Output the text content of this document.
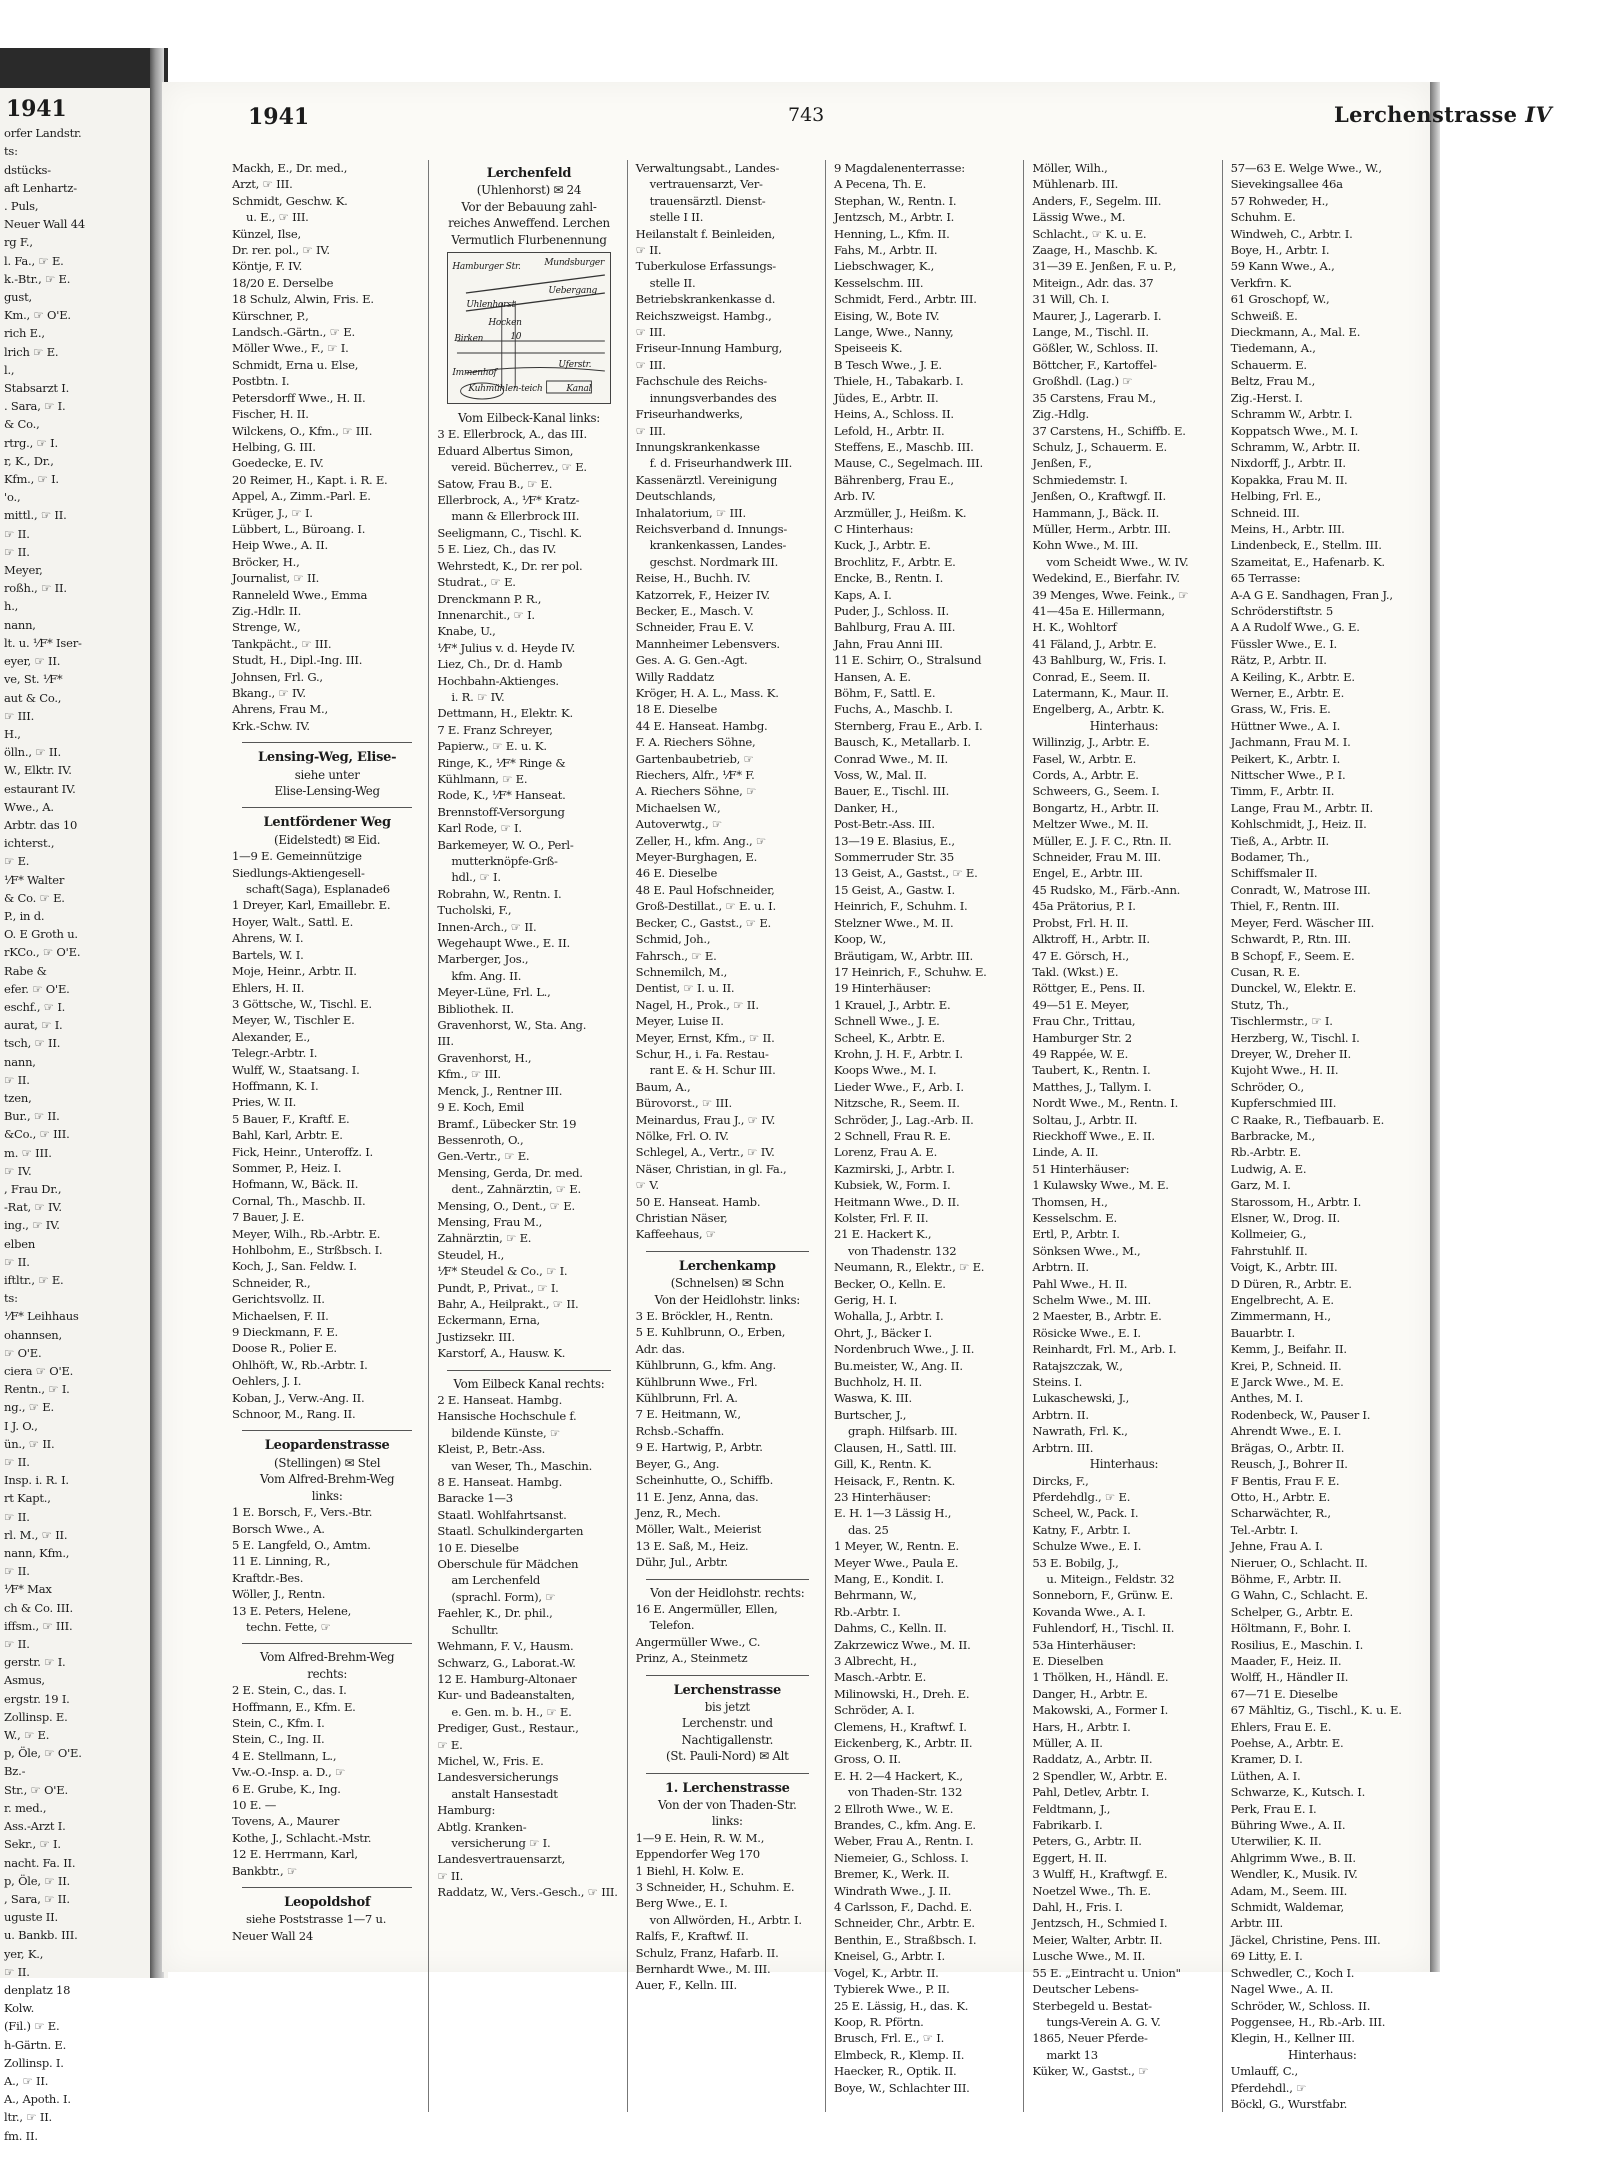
1941
orfer Landstr.
ts:
dstücks-
aft Lenhartz-
. Puls,
Neuer Wall 44
rg F.,
l. Fa., ☞ E.
k.-Btr., ☞ E.
gust,
Km., ☞ O'E.
rich E.,
lrich ☞ E.
l.,
Stabsarzt I.
. Sara, ☞ I.
& Co.,
rtrg., ☞ I.
r, K., Dr.,
Kfm., ☞ I.
'o.,
mittl., ☞ II.
☞ II.
☞ II.
Meyer,
roßh., ☞ II.
h.,
nann,
lt. u. ⅟F* Iser-
eyer, ☞ II.
ve, St. ⅟F*
aut & Co.,
☞ III.
H.,
ölln., ☞ II.
W., Elktr. IV.
estaurant IV.
Wwe., A.
Arbtr. das 10
ichterst.,
☞ E.
⅟F* Walter
& Co. ☞ E.
P., in d.
O. E Groth u.
rKCo., ☞ O'E.
Rabe &
efer. ☞ O'E.
eschf., ☞ I.
aurat, ☞ I.
tsch, ☞ II.
nann,
☞ II.
tzen,
Bur., ☞ II.
&Co., ☞ III.
m. ☞ III.
☞ IV.
, Frau Dr.,
-Rat, ☞ IV.
ing., ☞ IV.
elben
☞ II.
iftltr., ☞ E.
ts:
⅟F* Leihhaus
ohannsen,
☞ O'E.
ciera ☞ O'E.
Rentn., ☞ I.
ng., ☞ E.
I J. O.,
ün., ☞ II.
☞ II.
Insp. i. R. I.
rt Kapt.,
☞ II.
rl. M., ☞ II.
nann, Kfm.,
☞ II.
⅟F* Max
ch & Co. III.
iffsm., ☞ III.
☞ II.
gerstr. ☞ I.
Asmus,
ergstr. 19 I.
Zollinsp. E.
W., ☞ E.
p, Öle, ☞ O'E.
Bz.-
Str., ☞ O'E.
r. med.,
Ass.-Arzt I.
Sekr., ☞ I.
nacht. Fa. II.
p, Öle, ☞ II.
, Sara, ☞ II.
uguste II.
u. Bankb. III.
yer, K.,
☞ II.
denplatz 18
Kolw.
(Fil.) ☞ E.
h-Gärtn. E.
Zollinsp. I.
A., ☞ II.
A., Apoth. I.
ltr., ☞ II.
fm. II.
1941	743	Lerchenstrasse IV
Mackh, E., Dr. med.,
Arzt, ☞ III.
Schmidt, Geschw. K.
u. E., ☞ III.
Künzel, Ilse,
Dr. rer. pol., ☞ IV.
Köntje, F. IV.
18/20 E. Derselbe
18 Schulz, Alwin, Fris. E.
Kürschner, P.,
Landsch.-Gärtn., ☞ E.
Möller Wwe., F., ☞ I.
Schmidt, Erna u. Else,
Postbtn. I.
Petersdorff Wwe., H. II.
Fischer, H. II.
Wilckens, O., Kfm., ☞ III.
Helbing, G. III.
Goedecke, E. IV.
20 Reimer, H., Kapt. i. R. E.
Appel, A., Zimm.-Parl. E.
Krüger, J., ☞ I.
Lübbert, L., Büroang. I.
Heip Wwe., A. II.
Bröcker, H.,
Journalist, ☞ II.
Ranneleld Wwe., Emma
Zig.-Hdlr. II.
Strenge, W.,
Tankpächt., ☞ III.
Studt, H., Dipl.-Ing. III.
Johnsen, Frl. G.,
Bkang., ☞ IV.
Ahrens, Frau M.,
Krk.-Schw. IV.
Lensing-Weg, Elise-
siehe unter
Elise-Lensing-Weg
Lentfördener Weg
(Eidelstedt) ✉ Eid.
1—9 E. Gemeinnützige
Siedlungs-Aktiengesell-
schaft(Saga), Esplanade6
1 Dreyer, Karl, Emaillebr. E.
Hoyer, Walt., Sattl. E.
Ahrens, W. I.
Bartels, W. I.
Moje, Heinr., Arbtr. II.
Ehlers, H. II.
3 Göttsche, W., Tischl. E.
Meyer, W., Tischler E.
Alexander, E.,
Telegr.-Arbtr. I.
Wulff, W., Staatsang. I.
Hoffmann, K. I.
Pries, W. II.
5 Bauer, F., Kraftf. E.
Bahl, Karl, Arbtr. E.
Fick, Heinr., Unteroffz. I.
Sommer, P., Heiz. I.
Hofmann, W., Bäck. II.
Cornal, Th., Maschb. II.
7 Bauer, J. E.
Meyer, Wilh., Rb.-Arbtr. E.
Hohlbohm, E., Strßbsch. I.
Koch, J., San. Feldw. I.
Schneider, R.,
Gerichtsvollz. II.
Michaelsen, F. II.
9 Dieckmann, F. E.
Doose R., Polier E.
Ohlhöft, W., Rb.-Arbtr. I.
Oehlers, J. I.
Koban, J., Verw.-Ang. II.
Schnoor, M., Rang. II.
Leopardenstrasse
(Stellingen) ✉ Stel
Vom Alfred-Brehm-Weg
links:
1 E. Borsch, F., Vers.-Btr.
Borsch Wwe., A.
5 E. Langfeld, O., Amtm.
11 E. Linning, R.,
Kraftdr.-Bes.
Wöller, J., Rentn.
13 E. Peters, Helene,
techn. Fette, ☞
Vom Alfred-Brehm-Weg
rechts:
2 E. Stein, C., das. I.
Hoffmann, E., Kfm. E.
Stein, C., Kfm. I.
Stein, C., Ing. II.
4 E. Stellmann, L.,
Vw.-O.-Insp. a. D., ☞
6 E. Grube, K., Ing.
10 E. —
Tovens, A., Maurer
Kothe, J., Schlacht.-Mstr.
12 E. Herrmann, Karl,
Bankbtr., ☞
Leopoldshof
siehe Poststrasse 1—7 u.
Neuer Wall 24
Lerchenfeld
(Uhlenhorst) ✉ 24
Vor der Bebauung zahl-
reiches Anweffend. Lerchen
Vermutlich Flurbenennung
Hamburger Str.	Mundsburger
Uhlenhorst
Uebergang
Birken	10
Hocken
Immenhof
Uferstr.
Kuhmühlen-teich	Kanal
Vom Eilbeck-Kanal links:
3 E. Ellerbrock, A., das III.
Eduard Albertus Simon,
vereid. Bücherrev., ☞ E.
Satow, Frau B., ☞ E.
Ellerbrock, A., ⅟F* Kratz-
mann & Ellerbrock III.
Seeligmann, C., Tischl. K.
5 E. Liez, Ch., das IV.
Wehrstedt, K., Dr. rer pol.
Studrat., ☞ E.
Drenckmann P. R.,
Innenarchit., ☞ I.
Knabe, U.,
⅟F* Julius v. d. Heyde IV.
Liez, Ch., Dr. d. Hamb
Hochbahn-Aktienges.
i. R. ☞ IV.
Dettmann, H., Elektr. K.
7 E. Franz Schreyer,
Papierw., ☞ E. u. K.
Ringe, K., ⅟F* Ringe &
Kühlmann, ☞ E.
Rode, K., ⅟F* Hanseat.
Brennstoff-Versorgung
Karl Rode, ☞ I.
Barkemeyer, W. O., Perl-
mutterknöpfe-Grß-
hdl., ☞ I.
Robrahn, W., Rentn. I.
Tucholski, F.,
Innen-Arch., ☞ II.
Wegehaupt Wwe., E. II.
Marberger, Jos.,
kfm. Ang. II.
Meyer-Lüne, Frl. L.,
Bibliothek. II.
Gravenhorst, W., Sta. Ang.
III.
Gravenhorst, H.,
Kfm., ☞ III.
Menck, J., Rentner III.
9 E. Koch, Emil
Bramf., Lübecker Str. 19
Bessenroth, O.,
Gen.-Vertr., ☞ E.
Mensing, Gerda, Dr. med.
dent., Zahnärztin, ☞ E.
Mensing, O., Dent., ☞ E.
Mensing, Frau M.,
Zahnärztin, ☞ E.
Steudel, H.,
⅟F* Steudel & Co., ☞ I.
Pundt, P., Privat., ☞ I.
Bahr, A., Heilprakt., ☞ II.
Eckermann, Erna,
Justizsekr. III.
Karstorf, A., Hausw. K.
Vom Eilbeck Kanal rechts:
2 E. Hanseat. Hambg.
Hansische Hochschule f.
bildende Künste, ☞
Kleist, P., Betr.-Ass.
van Weser, Th., Maschin.
8 E. Hanseat. Hambg.
Baracke 1—3
Staatl. Wohlfahrtsanst.
Staatl. Schulkindergarten
10 E. Dieselbe
Oberschule für Mädchen
am Lerchenfeld
(sprachl. Form), ☞
Faehler, K., Dr. phil.,
Schulltr.
Wehmann, F. V., Hausm.
Schwarz, G., Laborat.-W.
12 E. Hamburg-Altonaer
Kur- und Badeanstalten,
e. Gen. m. b. H., ☞ E.
Prediger, Gust., Restaur.,
☞ E.
Michel, W., Fris. E.
Landesversicherungs
anstalt Hansestadt
Hamburg:
Abtlg. Kranken-
versicherung ☞ I.
Landesvertrauensarzt,
☞ II.
Raddatz, W., Vers.-Gesch., ☞ III.
Verwaltungsabt., Landes-
vertrauensarzt, Ver-
trauensärztl. Dienst-
stelle I II.
Heilanstalt f. Beinleiden,
☞ II.
Tuberkulose Erfassungs-
stelle II.
Betriebskrankenkasse d.
Reichszweigst. Hambg.,
☞ III.
Friseur-Innung Hamburg,
☞ III.
Fachschule des Reichs-
innungsverbandes des
Friseurhandwerks,
☞ III.
Innungskrankenkasse
f. d. Friseurhandwerk III.
Kassenärztl. Vereinigung
Deutschlands,
Inhalatorium, ☞ III.
Reichsverband d. Innungs-
krankenkassen, Landes-
geschst. Nordmark III.
Reise, H., Buchh. IV.
Katzorrek, F., Heizer IV.
Becker, E., Masch. V.
Schneider, Frau E. V.
Mannheimer Lebensvers.
Ges. A. G. Gen.-Agt.
Willy Raddatz
Kröger, H. A. L., Mass. K.
18 E. Dieselbe
44 E. Hanseat. Hambg.
F. A. Riechers Söhne,
Gartenbaubetrieb, ☞
Riechers, Alfr., ⅟F* F.
A. Riechers Söhne, ☞
Michaelsen W.,
Autoverwtg., ☞
Zeller, H., kfm. Ang., ☞
Meyer-Burghagen, E.
46 E. Dieselbe
48 E. Paul Hofschneider,
Groß-Destillat., ☞ E. u. I.
Becker, C., Gastst., ☞ E.
Schmid, Joh.,
Fahrsch., ☞ E.
Schnemilch, M.,
Dentist, ☞ I. u. II.
Nagel, H., Prok., ☞ II.
Meyer, Luise II.
Meyer, Ernst, Kfm., ☞ II.
Schur, H., i. Fa. Restau-
rant E. & H. Schur III.
Baum, A.,
Bürovorst., ☞ III.
Meinardus, Frau J., ☞ IV.
Nölke, Frl. O. IV.
Schlegel, A., Vertr., ☞ IV.
Näser, Christian, in gl. Fa.,
☞ V.
50 E. Hanseat. Hamb.
Christian Näser,
Kaffeehaus, ☞
Lerchenkamp
(Schnelsen) ✉ Schn
Von der Heidlohstr. links:
3 E. Bröckler, H., Rentn.
5 E. Kuhlbrunn, O., Erben,
Adr. das.
Kühlbrunn, G., kfm. Ang.
Kühlbrunn Wwe., Frl.
Kühlbrunn, Frl. A.
7 E. Heitmann, W.,
Rchsb.-Schaffn.
9 E. Hartwig, P., Arbtr.
Beyer, G., Ang.
Scheinhutte, O., Schiffb.
11 E. Jenz, Anna, das.
Jenz, R., Mech.
Möller, Walt., Meierist
13 E. Saß, M., Heiz.
Dühr, Jul., Arbtr.
Von der Heidlohstr. rechts:
16 E. Angermüller, Ellen,
Telefon.
Angermüller Wwe., C.
Prinz, A., Steinmetz
Lerchenstrasse
bis jetzt
Lerchenstr. und
Nachtigallenstr.
(St. Pauli-Nord) ✉ Alt
1. Lerchenstrasse
Von der von Thaden-Str.
links:
1—9 E. Hein, R. W. M.,
Eppendorfer Weg 170
1 Biehl, H. Kolw. E.
3 Schneider, H., Schuhm. E.
Berg Wwe., E. I.
von Allwörden, H., Arbtr. I.
Ralfs, F., Kraftwf. II.
Schulz, Franz, Hafarb. II.
Bernhardt Wwe., M. III.
Auer, F., Kelln. III.
9 Magdalenenterrasse:
A Pecena, Th. E.
Stephan, W., Rentn. I.
Jentzsch, M., Arbtr. I.
Henning, L., Kfm. II.
Fahs, M., Arbtr. II.
Liebschwager, K.,
Kesselschm. III.
Schmidt, Ferd., Arbtr. III.
Eising, W., Bote IV.
Lange, Wwe., Nanny,
Speiseeis K.
B Tesch Wwe., J. E.
Thiele, H., Tabakarb. I.
Jüdes, E., Arbtr. II.
Heins, A., Schloss. II.
Lefold, H., Arbtr. II.
Steffens, E., Maschb. III.
Mause, C., Segelmach. III.
Bährenberg, Frau E.,
Arb. IV.
Arzmüller, J., Heißm. K.
C Hinterhaus:
Kuck, J., Arbtr. E.
Brochlitz, F., Arbtr. E.
Encke, B., Rentn. I.
Kaps, A. I.
Puder, J., Schloss. II.
Bahlburg, Frau A. III.
Jahn, Frau Anni III.
11 E. Schirr, O., Stralsund
Hansen, A. E.
Böhm, F., Sattl. E.
Fuchs, A., Maschb. I.
Sternberg, Frau E., Arb. I.
Bausch, K., Metallarb. I.
Conrad Wwe., M. II.
Voss, W., Mal. II.
Bauer, E., Tischl. III.
Danker, H.,
Post-Betr.-Ass. III.
13—19 E. Blasius, E.,
Sommerruder Str. 35
13 Geist, A., Gastst., ☞ E.
15 Geist, A., Gastw. I.
Heinrich, F., Schuhm. I.
Stelzner Wwe., M. II.
Koop, W.,
Bräutigam, W., Arbtr. III.
17 Heinrich, F., Schuhw. E.
19 Hinterhäuser:
1 Krauel, J., Arbtr. E.
Schnell Wwe., J. E.
Scheel, K., Arbtr. E.
Krohn, J. H. F., Arbtr. I.
Koops Wwe., M. I.
Lieder Wwe., F., Arb. I.
Nitzsche, R., Seem. II.
Schröder, J., Lag.-Arb. II.
2 Schnell, Frau R. E.
Lorenz, Frau A. E.
Kazmirski, J., Arbtr. I.
Kubsiek, W., Form. I.
Heitmann Wwe., D. II.
Kolster, Frl. F. II.
21 E. Hackert K.,
von Thadenstr. 132
Neumann, R., Elektr., ☞ E.
Becker, O., Kelln. E.
Gerig, H. I.
Wohalla, J., Arbtr. I.
Ohrt, J., Bäcker I.
Nordenbruch Wwe., J. II.
Bu.meister, W., Ang. II.
Buchholz, H. II.
Waswa, K. III.
Burtscher, J.,
graph. Hilfsarb. III.
Clausen, H., Sattl. III.
Gill, K., Rentn. K.
Heisack, F., Rentn. K.
23 Hinterhäuser:
E. H. 1—3 Lässig H.,
das. 25
1 Meyer, W., Rentn. E.
Meyer Wwe., Paula E.
Mang, E., Kondit. I.
Behrmann, W.,
Rb.-Arbtr. I.
Dahms, C., Kelln. II.
Zakrzewicz Wwe., M. II.
3 Albrecht, H.,
Masch.-Arbtr. E.
Milinowski, H., Dreh. E.
Schröder, A. I.
Clemens, H., Kraftwf. I.
Eickenberg, K., Arbtr. II.
Gross, O. II.
E. H. 2—4 Hackert, K.,
von Thaden-Str. 132
2 Ellroth Wwe., W. E.
Brandes, C., kfm. Ang. E.
Weber, Frau A., Rentn. I.
Niemeier, G., Schloss. I.
Bremer, K., Werk. II.
Windrath Wwe., J. II.
4 Carlsson, F., Dachd. E.
Schneider, Chr., Arbtr. E.
Benthin, E., Straßbsch. I.
Kneisel, G., Arbtr. I.
Vogel, K., Arbtr. II.
Tybierek Wwe., P. II.
25 E. Lässig, H., das. K.
Koop, R. Pförtn.
Brusch, Frl. E., ☞ I.
Elmbeck, R., Klemp. II.
Haecker, R., Optik. II.
Boye, W., Schlachter III.
Möller, Wilh.,
Mühlenarb. III.
Anders, F., Segelm. III.
Lässig Wwe., M.
Schlacht., ☞ K. u. E.
Zaage, H., Maschb. K.
31—39 E. Jenßen, F. u. P.,
Miteign., Adr. das. 37
31 Will, Ch. I.
Maurer, J., Lagerarb. I.
Lange, M., Tischl. II.
Gößler, W., Schloss. II.
Böttcher, F., Kartoffel-
Großhdl. (Lag.) ☞
35 Carstens, Frau M.,
Zig.-Hdlg.
37 Carstens, H., Schiffb. E.
Schulz, J., Schauerm. E.
Jenßen, F.,
Schmiedemstr. I.
Jenßen, O., Kraftwgf. II.
Hammann, J., Bäck. II.
Müller, Herm., Arbtr. III.
Kohn Wwe., M. III.
vom Scheidt Wwe., W. IV.
Wedekind, E., Bierfahr. IV.
39 Menges, Wwe. Feink., ☞
41—45a E. Hillermann,
H. K., Wohltorf
41 Fäland, J., Arbtr. E.
43 Bahlburg, W., Fris. I.
Conrad, E., Seem. II.
Latermann, K., Maur. II.
Engelberg, A., Arbtr. K.
Hinterhaus:
Willinzig, J., Arbtr. E.
Fasel, W., Arbtr. E.
Cords, A., Arbtr. E.
Schweers, G., Seem. I.
Bongartz, H., Arbtr. II.
Meltzer Wwe., M. II.
Müller, E. J. F. C., Rtn. II.
Schneider, Frau M. III.
Engel, E., Arbtr. III.
45 Rudsko, M., Färb.-Ann.
45a Prätorius, P. I.
Probst, Frl. H. II.
Alktroff, H., Arbtr. II.
47 E. Görsch, H.,
Takl. (Wkst.) E.
Röttger, E., Pens. II.
49—51 E. Meyer,
Frau Chr., Trittau,
Hamburger Str. 2
49 Rappée, W. E.
Taubert, K., Rentn. I.
Matthes, J., Tallym. I.
Nordt Wwe., M., Rentn. I.
Soltau, J., Arbtr. II.
Rieckhoff Wwe., E. II.
Linde, A. II.
51 Hinterhäuser:
1 Kulawsky Wwe., M. E.
Thomsen, H.,
Kesselschm. E.
Ertl, P., Arbtr. I.
Sönksen Wwe., M.,
Arbtrn. II.
Pahl Wwe., H. II.
Schelm Wwe., M. III.
2 Maester, B., Arbtr. E.
Rösicke Wwe., E. I.
Reinhardt, Frl. M., Arb. I.
Ratajszczak, W.,
Steins. I.
Lukaschewski, J.,
Arbtrn. II.
Nawrath, Frl. K.,
Arbtrn. III.
Hinterhaus:
Dircks, F.,
Pferdehdlg., ☞ E.
Scheel, W., Pack. I.
Katny, F., Arbtr. I.
Schulze Wwe., E. I.
53 E. Bobilg, J.,
u. Miteign., Feldstr. 32
Sonneborn, F., Grünw. E.
Kovanda Wwe., A. I.
Fuhlendorf, H., Tischl. II.
53a Hinterhäuser:
E. Dieselben
1 Thölken, H., Händl. E.
Danger, H., Arbtr. E.
Makowski, A., Former I.
Hars, H., Arbtr. I.
Müller, A. II.
Raddatz, A., Arbtr. II.
2 Spendler, W., Arbtr. E.
Pahl, Detlev, Arbtr. I.
Feldtmann, J.,
Fabrikarb. I.
Peters, G., Arbtr. II.
Eggert, H. II.
3 Wulff, H., Kraftwgf. E.
Noetzel Wwe., Th. E.
Dahl, H., Fris. I.
Jentzsch, H., Schmied I.
Meier, Walter, Arbtr. II.
Lusche Wwe., M. II.
55 E. „Eintracht u. Union"
Deutscher Lebens-
Sterbegeld u. Bestat-
tungs-Verein A. G. V.
1865, Neuer Pferde-
markt 13
Küker, W., Gastst., ☞
57—63 E. Welge Wwe., W.,
Sievekingsallee 46a
57 Rohweder, H.,
Schuhm. E.
Windweh, C., Arbtr. I.
Boye, H., Arbtr. I.
59 Kann Wwe., A.,
Verkfrn. K.
61 Groschopf, W.,
Schweiß. E.
Dieckmann, A., Mal. E.
Tiedemann, A.,
Schauerm. E.
Beltz, Frau M.,
Zig.-Herst. I.
Schramm W., Arbtr. I.
Koppatsch Wwe., M. I.
Schramm, W., Arbtr. II.
Nixdorff, J., Arbtr. II.
Kopakka, Frau M. II.
Helbing, Frl. E.,
Schneid. III.
Meins, H., Arbtr. III.
Lindenbeck, E., Stellm. III.
Szameitat, E., Hafenarb. K.
65 Terrasse:
A-A G E. Sandhagen, Fran J.,
Schröderstiftstr. 5
A A Rudolf Wwe., G. E.
Füssler Wwe., E. I.
Rätz, P., Arbtr. II.
A Keiling, K., Arbtr. E.
Werner, E., Arbtr. E.
Grass, W., Fris. E.
Hüttner Wwe., A. I.
Jachmann, Frau M. I.
Peikert, K., Arbtr. I.
Nittscher Wwe., P. I.
Timm, F., Arbtr. II.
Lange, Frau M., Arbtr. II.
Kohlschmidt, J., Heiz. II.
Tieß, A., Arbtr. II.
Bodamer, Th.,
Schiffsmaler II.
Conradt, W., Matrose III.
Thiel, F., Rentn. III.
Meyer, Ferd. Wäscher III.
Schwardt, P., Rtn. III.
B Schopf, F., Seem. E.
Cusan, R. E.
Dunckel, W., Elektr. E.
Stutz, Th.,
Tischlermstr., ☞ I.
Herzberg, W., Tischl. I.
Dreyer, W., Dreher II.
Kujoht Wwe., H. II.
Schröder, O.,
Kupferschmied III.
C Raake, R., Tiefbauarb. E.
Barbracke, M.,
Rb.-Arbtr. E.
Ludwig, A. E.
Garz, M. I.
Starossom, H., Arbtr. I.
Elsner, W., Drog. II.
Kollmeier, G.,
Fahrstuhlf. II.
Voigt, K., Arbtr. III.
D Düren, R., Arbtr. E.
Engelbrecht, A. E.
Zimmermann, H.,
Bauarbtr. I.
Kemm, J., Beifahr. II.
Krei, P., Schneid. II.
E Jarck Wwe., M. E.
Anthes, M. I.
Rodenbeck, W., Pauser I.
Ahrendt Wwe., E. I.
Brägas, O., Arbtr. II.
Reusch, J., Bohrer II.
F Bentis, Frau F. E.
Otto, H., Arbtr. E.
Scharwächter, R.,
Tel.-Arbtr. I.
Jehne, Frau A. I.
Nieruer, O., Schlacht. II.
Böhme, F., Arbtr. II.
G Wahn, C., Schlacht. E.
Schelper, G., Arbtr. E.
Höltmann, F., Bohr. I.
Rosilius, E., Maschin. I.
Maader, F., Heiz. II.
Wolff, H., Händler II.
67—71 E. Dieselbe
67 Mähltiz, G., Tischl., K. u. E.
Ehlers, Frau E. E.
Poehse, A., Arbtr. E.
Kramer, D. I.
Lüthen, A. I.
Schwarze, K., Kutsch. I.
Perk, Frau E. I.
Bühring Wwe., A. II.
Uterwilier, K. II.
Ahlgrimm Wwe., B. II.
Wendler, K., Musik. IV.
Adam, M., Seem. III.
Schmidt, Waldemar,
Arbtr. III.
Jäckel, Christine, Pens. III.
69 Litty, E. I.
Schwedler, C., Koch I.
Nagel Wwe., A. II.
Schröder, W., Schloss. II.
Poggensee, H., Rb.-Arb. III.
Klegin, H., Kellner III.
Hinterhaus:
Umlauff, C.,
Pferdehdl., ☞
Böckl, G., Wurstfabr.
